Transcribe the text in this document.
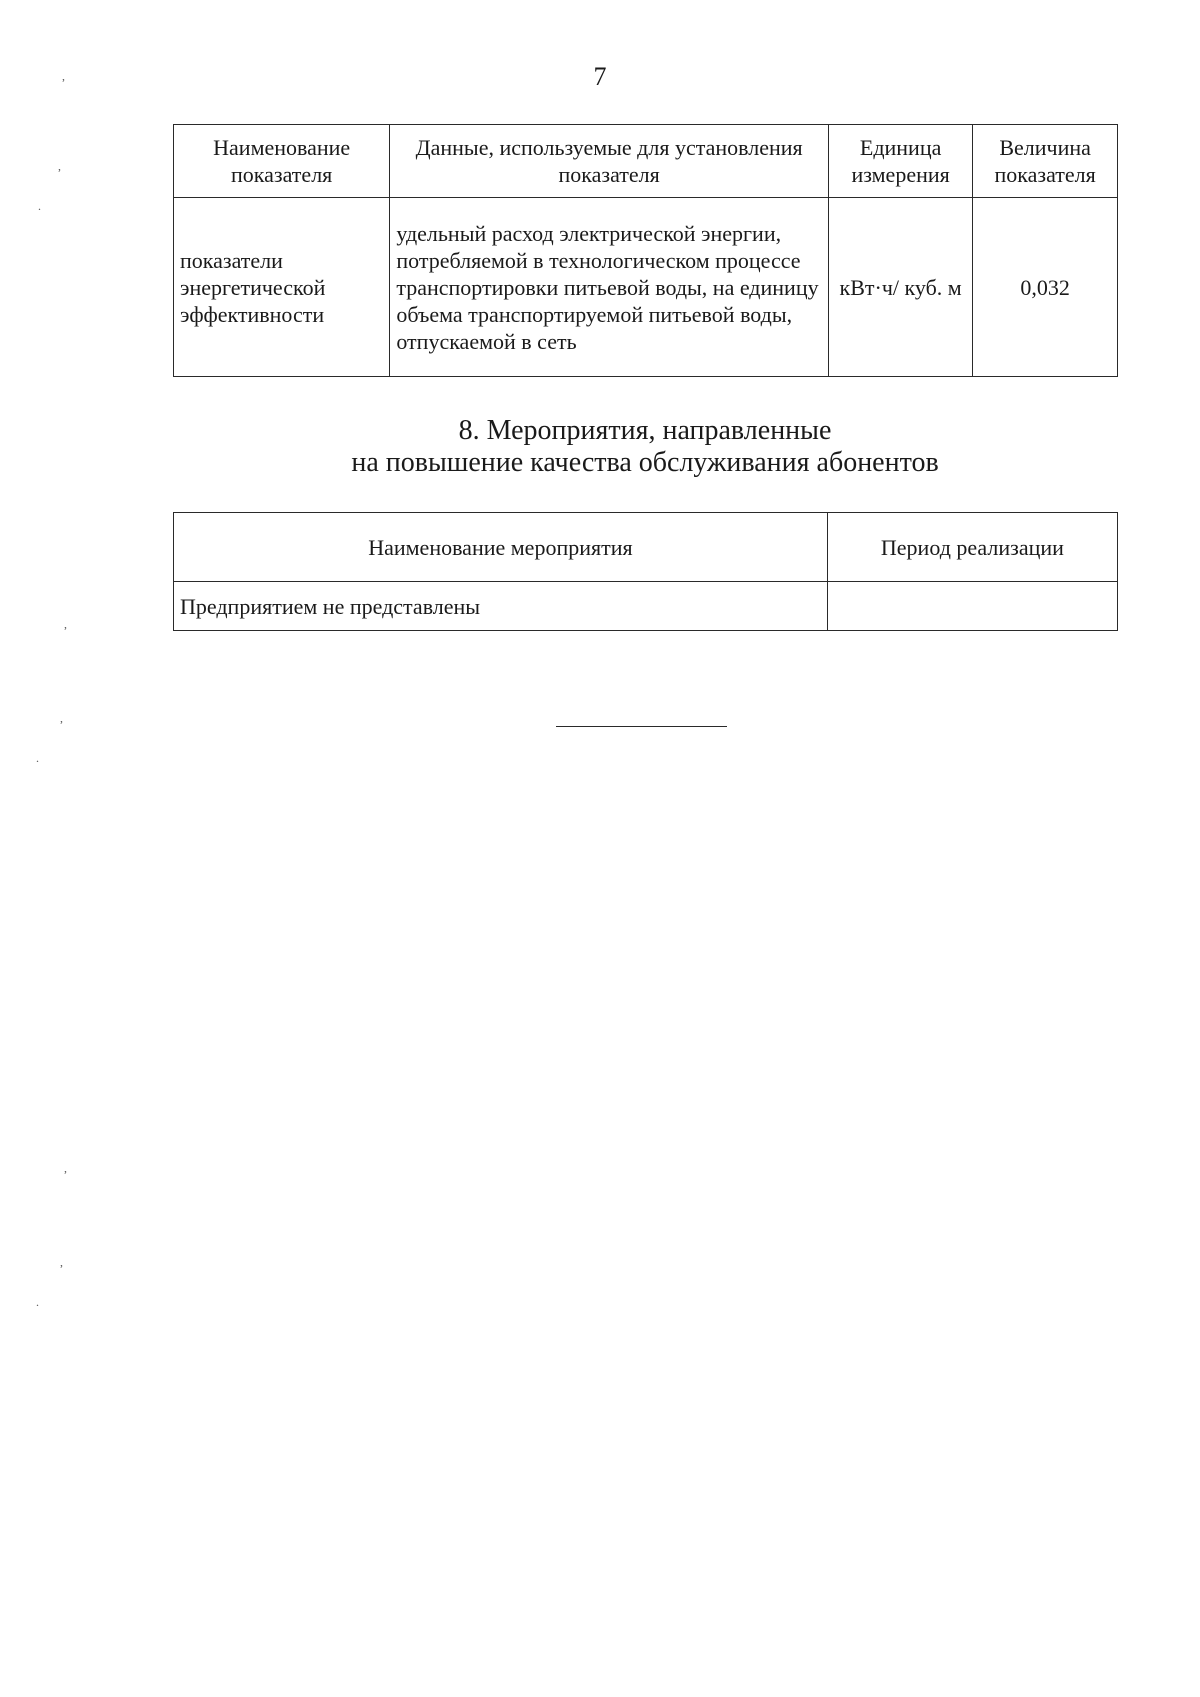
7
Наименование показателя	Данные, используемые для установления показателя	Единица измерения	Величина показателя
показатели энергетической эффективности	удельный расход электрической энергии, потребляемой в технологическом процессе транспортировки питьевой воды, на единицу объема транспортируемой питьевой воды, отпускаемой в сеть	кВт·ч/ куб. м	0,032
8. Мероприятия, направленные
на повышение качества обслуживания абонентов
Наименование мероприятия	Период реализации
Предприятием не представлены	
,
,
.
,
,
.
,
,
.
